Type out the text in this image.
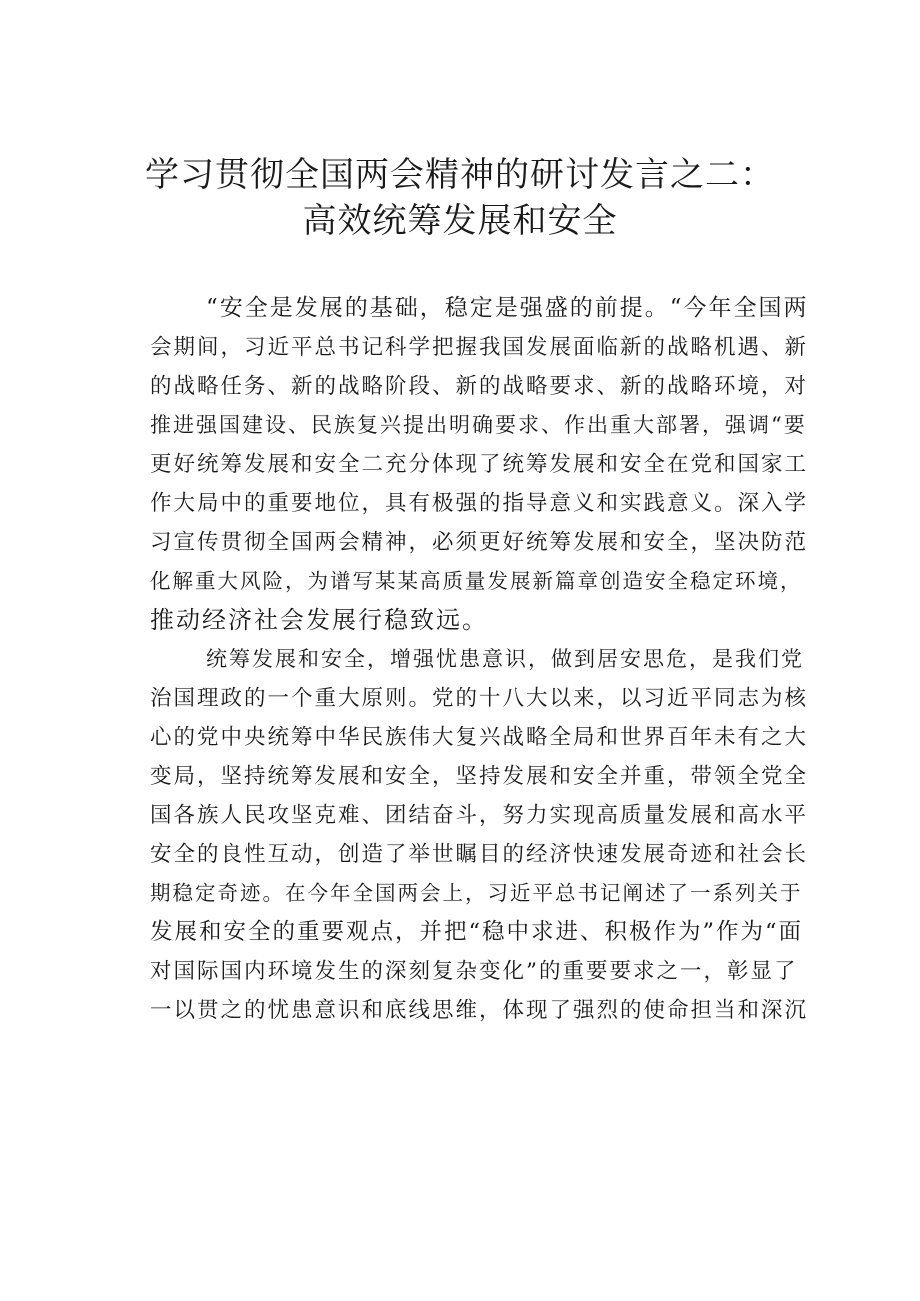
学习贯彻全国两会精神的研讨发言之二：
高效统筹发展和安全
“安全是发展的基础，稳定是强盛的前提。“今年全国两
会期间，习近平总书记科学把握我国发展面临新的战略机遇、新
的战略任务、新的战略阶段、新的战略要求、新的战略环境，对
推进强国建设、民族复兴提出明确要求、作出重大部署，强调“要
更好统筹发展和安全二充分体现了统筹发展和安全在党和国家工
作大局中的重要地位，具有极强的指导意义和实践意义。深入学
习宣传贯彻全国两会精神，必须更好统筹发展和安全，坚决防范
化解重大风险，为谱写某某高质量发展新篇章创造安全稳定环境，
推动经济社会发展行稳致远。
统筹发展和安全，增强忧患意识，做到居安思危，是我们党
治国理政的一个重大原则。党的十八大以来，以习近平同志为核
心的党中央统筹中华民族伟大复兴战略全局和世界百年未有之大
变局，坚持统筹发展和安全，坚持发展和安全并重，带领全党全
国各族人民攻坚克难、团结奋斗，努力实现高质量发展和高水平
安全的良性互动，创造了举世瞩目的经济快速发展奇迹和社会长
期稳定奇迹。在今年全国两会上，习近平总书记阐述了一系列关于
发展和安全的重要观点，并把“稳中求进、积极作为”作为“面
对国际国内环境发生的深刻复杂变化”的重要要求之一，彰显了
一以贯之的忧患意识和底线思维，体现了强烈的使命担当和深沉
